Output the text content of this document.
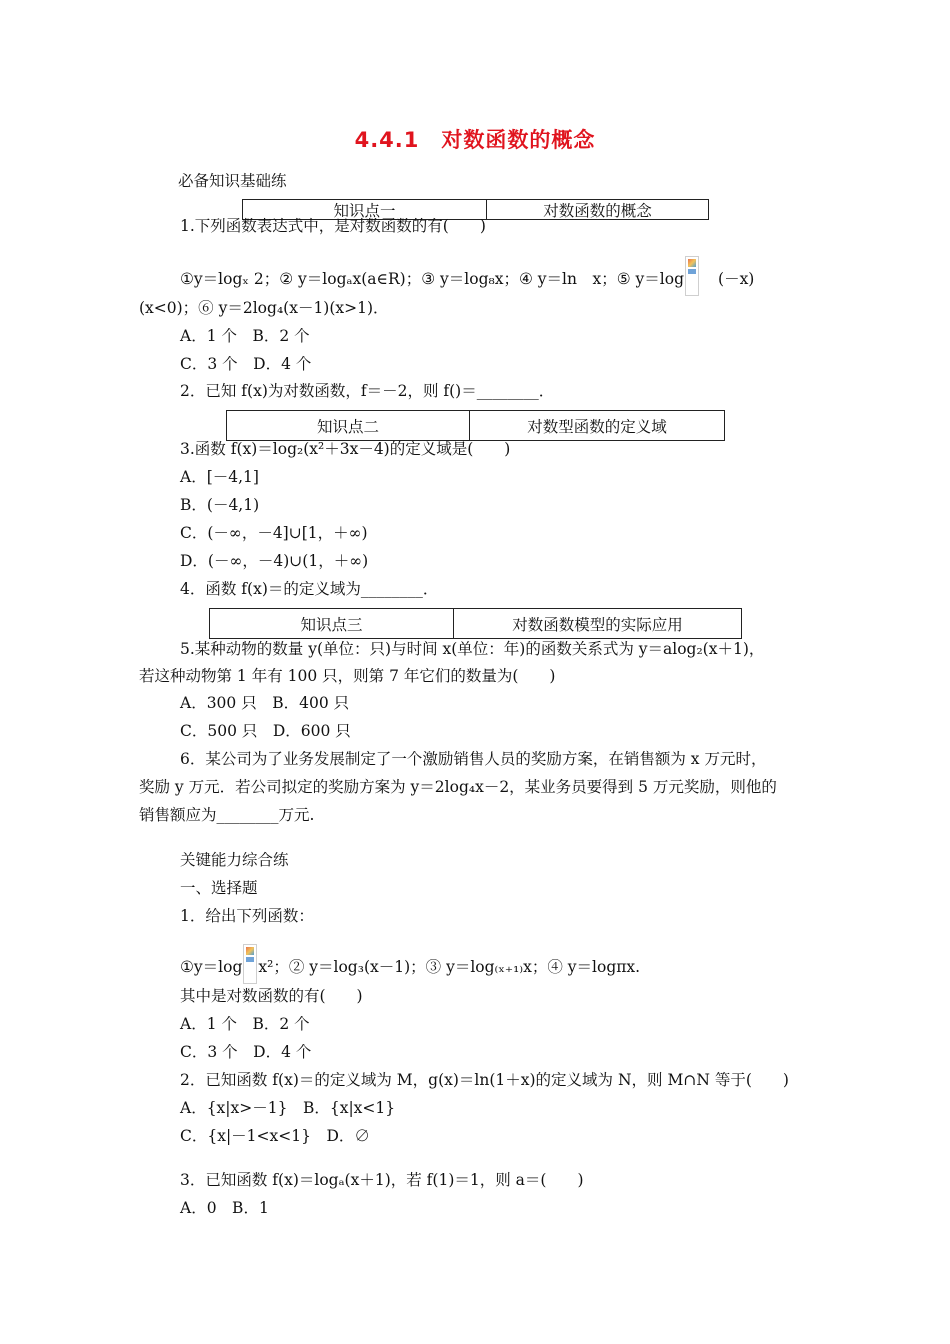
4.4.1　对数函数的概念
必备知识基础练
知识点一	对数函数的概念
1.下列函数表达式中，是对数函数的有(　　)
①y＝logₓ 2；② y＝logₐx(a∈R)；③ y＝log₈x；④ y＝ln　x；⑤ y＝log (－x)
(x<0)；⑥ y＝2log₄(x－1)(x>1)．
A．1 个　B．2 个
C．3 个　D．4 个
2．已知 f(x)为对数函数，f＝－2，则 f()＝________．
知识点二	对数型函数的定义域
3.函数 f(x)＝log₂(x²＋3x－4)的定义域是(　　)
A．[－4,1]
B．(－4,1)
C．(－∞，－4]∪[1，＋∞)
D．(－∞，－4)∪(1，＋∞)
4．函数 f(x)＝的定义域为________．
知识点三	对数函数模型的实际应用
5.某种动物的数量 y(单位：只)与时间 x(单位：年)的函数关系式为 y＝alog₂(x＋1)，
若这种动物第 1 年有 100 只，则第 7 年它们的数量为(　　)
A．300 只　B．400 只
C．500 只　D．600 只
6．某公司为了业务发展制定了一个激励销售人员的奖励方案，在销售额为 x 万元时，
奖励 y 万元．若公司拟定的奖励方案为 y＝2log₄x－2，某业务员要得到 5 万元奖励，则他的
销售额应为________万元.
关键能力综合练
一、选择题
1．给出下列函数：
①y＝log x²；② y＝log₃(x－1)；③ y＝log₍ₓ₊₁₎x；④ y＝logπx.
其中是对数函数的有(　　)
A．1 个　B．2 个
C．3 个　D．4 个
2．已知函数 f(x)＝的定义域为 M，g(x)＝ln(1＋x)的定义域为 N，则 M∩N 等于(　　)
A．{x|x>－1}　B．{x|x<1}
C．{x|－1<x<1}　D．∅
3．已知函数 f(x)＝logₐ(x＋1)，若 f(1)＝1，则 a＝(　　)
A．0　B．1
